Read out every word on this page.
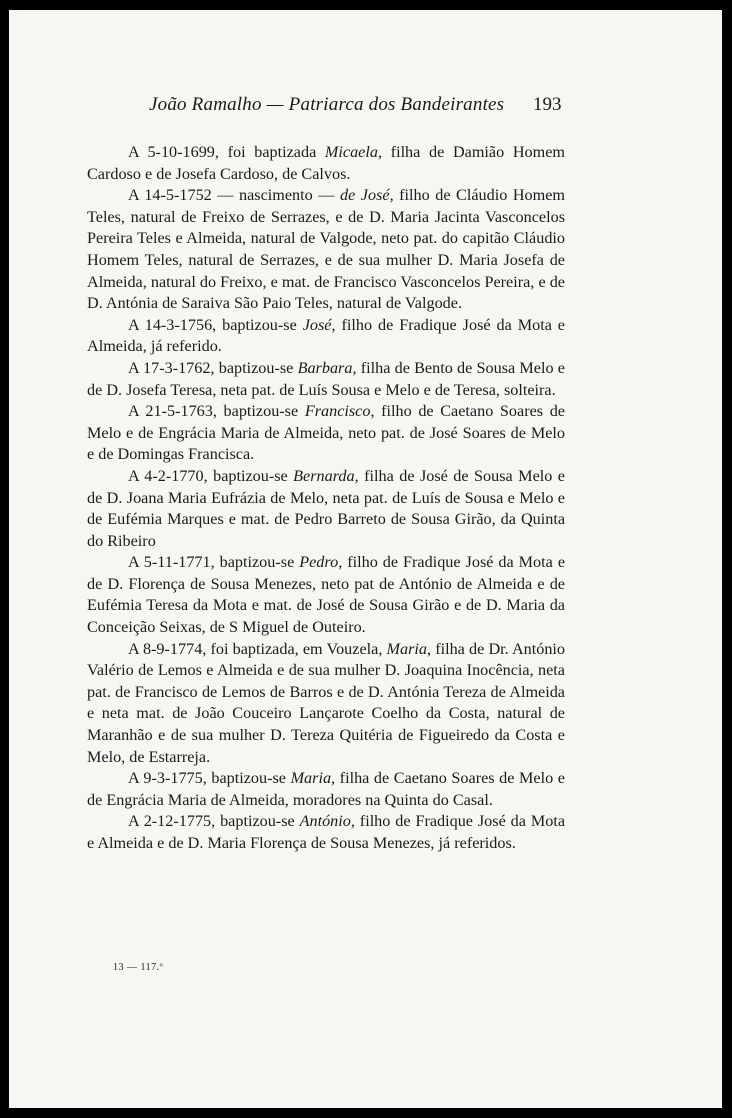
João Ramalho — Patriarca dos Bandeirantes 193

A 5-10-1699, foi baptizada Micaela, filha de Damião Homem Cardoso e de Josefa Cardoso, de Calvos.

A 14-5-1752 — nascimento — de José, filho de Cláudio Homem Teles, natural de Freixo de Serrazes, e de D. Maria Jacinta Vasconcelos Pereira Teles e Almeida, natural de Valgode, neto pat. do capitão Cláudio Homem Teles, natural de Serrazes, e de sua mulher D. Maria Josefa de Almeida, natural do Freixo, e mat. de Francisco Vasconcelos Pereira, e de D. Antónia de Saraiva São Paio Teles, natural de Valgode.

A 14-3-1756, baptizou-se José, filho de Fradique José da Mota e Almeida, já referido.

A 17-3-1762, baptizou-se Barbara, filha de Bento de Sousa Melo e de D. Josefa Teresa, neta pat. de Luís Sousa e Melo e de Teresa, solteira.

A 21-5-1763, baptizou-se Francisco, filho de Caetano Soares de Melo e de Engrácia Maria de Almeida, neto pat. de José Soares de Melo e de Domingas Francisca.

A 4-2-1770, baptizou-se Bernarda, filha de José de Sousa Melo e de D. Joana Maria Eufrázia de Melo, neta pat. de Luís de Sousa e Melo e de Eufémia Marques e mat. de Pedro Barreto de Sousa Girão, da Quinta do Ribeiro

A 5-11-1771, baptizou-se Pedro, filho de Fradique José da Mota e de D. Florença de Sousa Menezes, neto pat de António de Almeida e de Eufémia Teresa da Mota e mat. de José de Sousa Girão e de D. Maria da Conceição Seixas, de S Miguel de Outeiro.

A 8-9-1774, foi baptizada, em Vouzela, Maria, filha de Dr. António Valério de Lemos e Almeida e de sua mulher D. Joaquina Inocência, neta pat. de Francisco de Lemos de Barros e de D. Antónia Tereza de Almeida e neta mat. de João Couceiro Lançarote Coelho da Costa, natural de Maranhão e de sua mulher D. Tereza Quitéria de Figueiredo da Costa e Melo, de Estarreja.

A 9-3-1775, baptizou-se Maria, filha de Caetano Soares de Melo e de Engrácia Maria de Almeida, moradores na Quinta do Casal.

A 2-12-1775, baptizou-se António, filho de Fradique José da Mota e Almeida e de D. Maria Florença de Sousa Menezes, já referidos.

13 — 117.º
